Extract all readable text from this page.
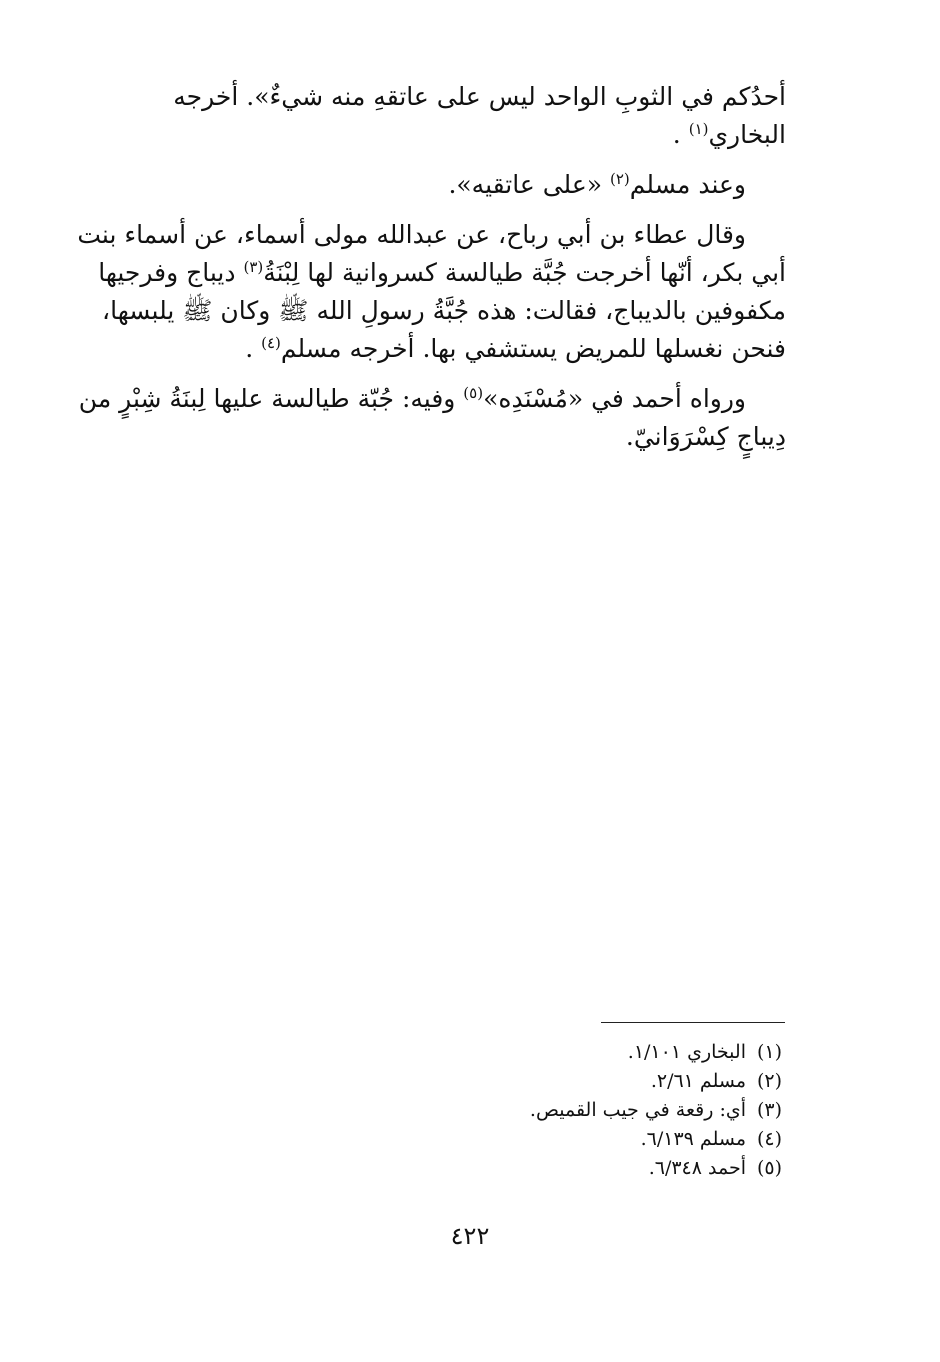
أحدُكم في الثوبِ الواحد ليس على عاتقهِ منه شيءٌ». أخرجه
البخاري$^{(١)}$ .
وعند مسلم$^{(٢)}$ «على عاتقيه».
وقال عطاء بن أبي رباح، عن عبدالله مولى أسماء، عن أسماء بنت
أبي بكر، أنّها أخرجت جُبَّة طيالسة كسروانية لها لِبْنَةُ$^{(٣)}$ ديباج وفرجيها
مكفوفين بالديباج، فقالت: هذه جُبَّةُ رسولِ الله ﷺ وكان ﷺ يلبسها،
فنحن نغسلها للمريض يستشفي بها. أخرجه مسلم$^{(٤)}$ .
ورواه أحمد في «مُسْنَدِه»$^{(٥)}$ وفيه: جُبّة طيالسة عليها لِبنَةُ شِبْرٍ من
دِيباجٍ كِسْرَوَانيّ.
(١)
البخاري ١/١٠١.
(٢)
مسلم ٢/٦١.
(٣)
أي: رقعة في جيب القميص.
(٤)
مسلم ٦/١٣٩.
(٥)
أحمد ٦/٣٤٨.
٤٢٢
